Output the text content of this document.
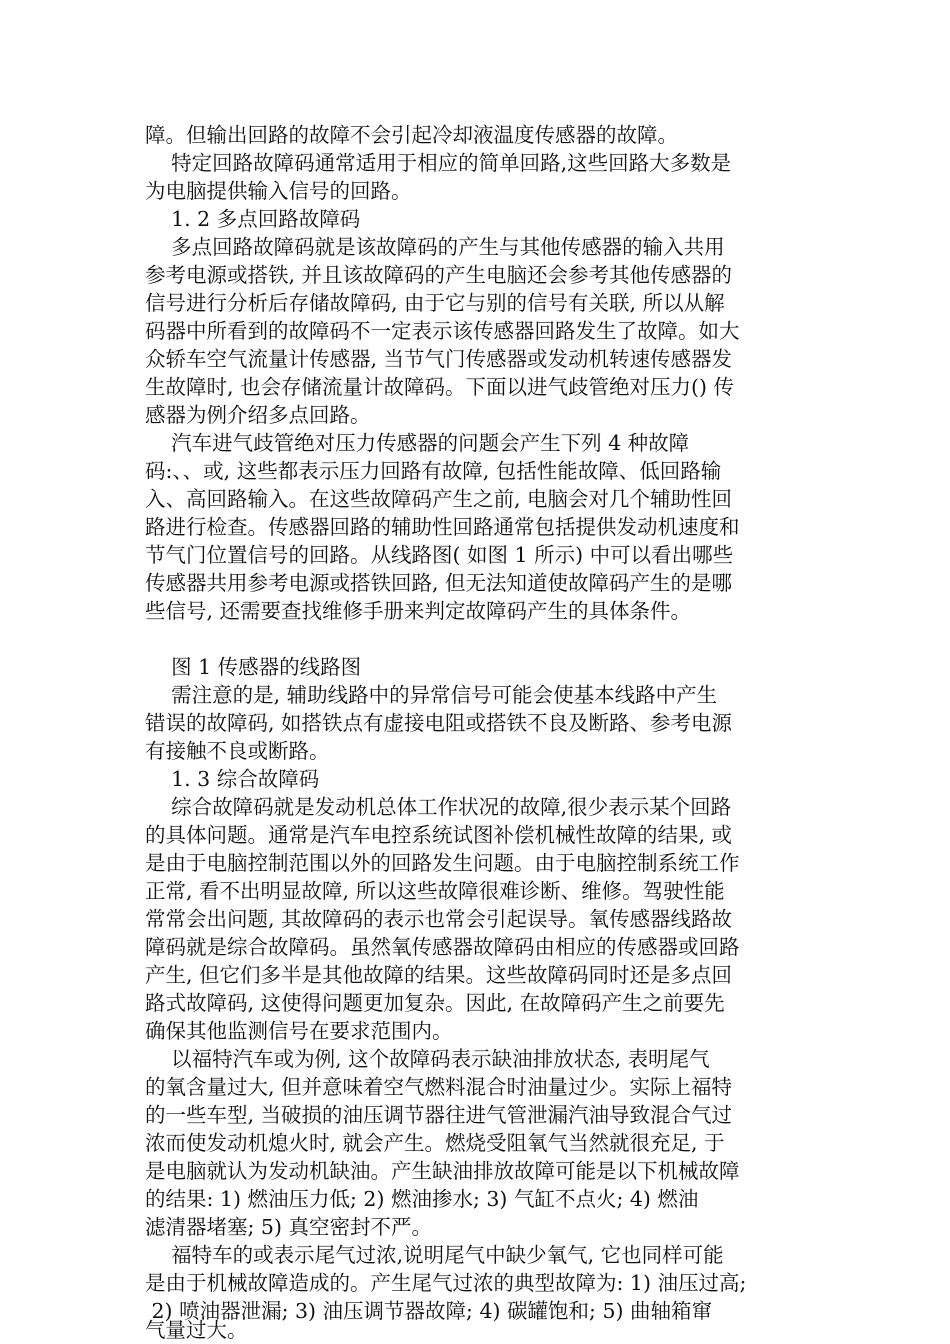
障。但输出回路的故障不会引起冷却液温度传感器的故障。
特定回路故障码通常适用于相应的简单回路,这些回路大多数是
为电脑提供输入信号的回路。
1. 2 多点回路故障码
多点回路故障码就是该故障码的产生与其他传感器的输入共用
参考电源或搭铁, 并且该故障码的产生电脑还会参考其他传感器的
信号进行分析后存储故障码, 由于它与别的信号有关联, 所以从解
码器中所看到的故障码不一定表示该传感器回路发生了故障。如大
众轿车空气流量计传感器, 当节气门传感器或发动机转速传感器发
生故障时, 也会存储流量计故障码。下面以进气歧管绝对压力() 传
感器为例介绍多点回路。
汽车进气歧管绝对压力传感器的问题会产生下列 4 种故障
码:、、或, 这些都表示压力回路有故障, 包括性能故障、低回路输
入、高回路输入。在这些故障码产生之前, 电脑会对几个辅助性回
路进行检查。传感器回路的辅助性回路通常包括提供发动机速度和
节气门位置信号的回路。从线路图( 如图 1 所示) 中可以看出哪些
传感器共用参考电源或搭铁回路, 但无法知道使故障码产生的是哪
些信号, 还需要查找维修手册来判定故障码产生的具体条件。
图 1 传感器的线路图
需注意的是, 辅助线路中的异常信号可能会使基本线路中产生
错误的故障码, 如搭铁点有虚接电阻或搭铁不良及断路、参考电源
有接触不良或断路。
1. 3 综合故障码
综合故障码就是发动机总体工作状况的故障,很少表示某个回路
的具体问题。通常是汽车电控系统试图补偿机械性故障的结果, 或
是由于电脑控制范围以外的回路发生问题。由于电脑控制系统工作
正常, 看不出明显故障, 所以这些故障很难诊断、维修。驾驶性能
常常会出问题, 其故障码的表示也常会引起误导。氧传感器线路故
障码就是综合故障码。虽然氧传感器故障码由相应的传感器或回路
产生, 但它们多半是其他故障的结果。这些故障码同时还是多点回
路式故障码, 这使得问题更加复杂。因此, 在故障码产生之前要先
确保其他监测信号在要求范围内。
以福特汽车或为例, 这个故障码表示缺油排放状态, 表明尾气
的氧含量过大, 但并意味着空气燃料混合时油量过少。实际上福特
的一些车型, 当破损的油压调节器往进气管泄漏汽油导致混合气过
浓而使发动机熄火时, 就会产生。燃烧受阻氧气当然就很充足, 于
是电脑就认为发动机缺油。产生缺油排放故障可能是以下机械故障
的结果: 1) 燃油压力低; 2) 燃油掺水; 3) 气缸不点火; 4) 燃油
滤清器堵塞; 5) 真空密封不严。
福特车的或表示尾气过浓,说明尾气中缺少氧气, 它也同样可能
是由于机械故障造成的。产生尾气过浓的典型故障为: 1) 油压过高;
2) 喷油器泄漏; 3) 油压调节器故障; 4) 碳罐饱和; 5) 曲轴箱窜
气量过大。
